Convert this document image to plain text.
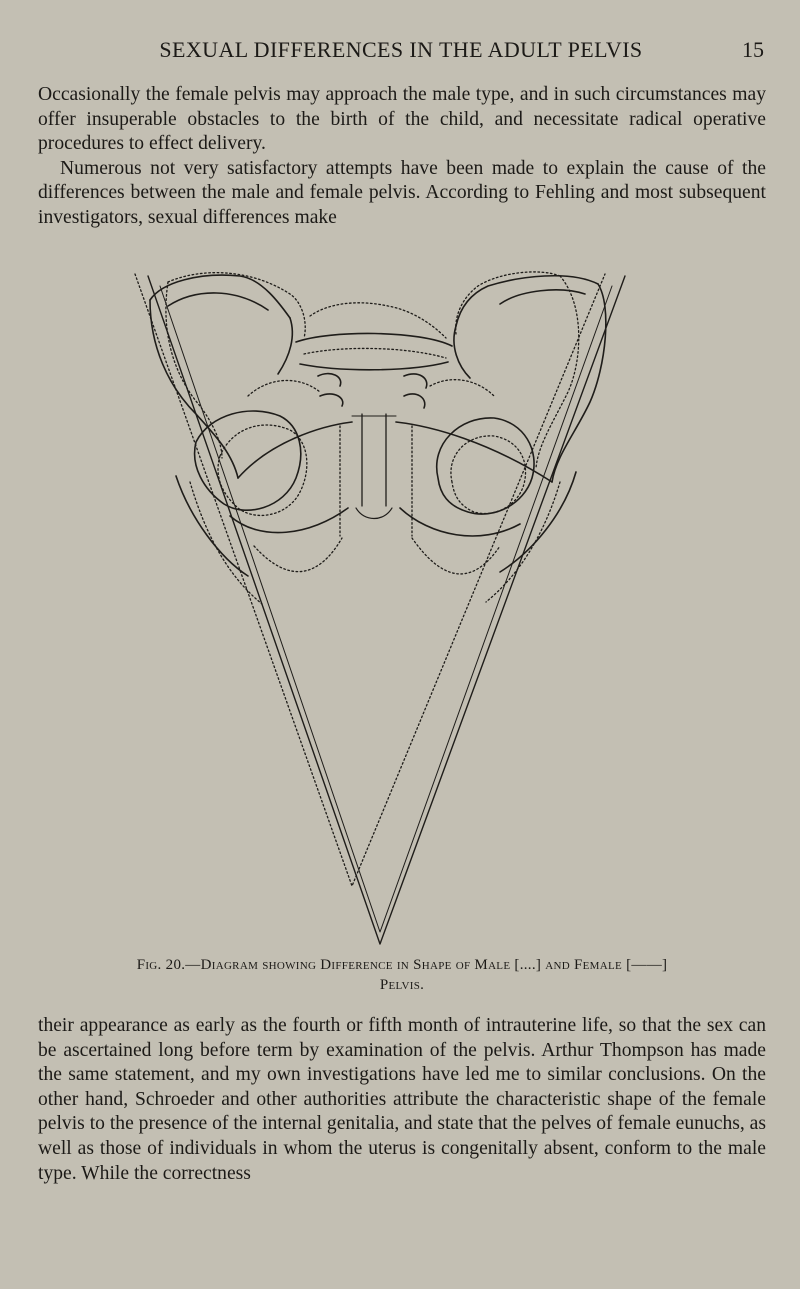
SEXUAL DIFFERENCES IN THE ADULT PELVIS	15

Occasionally the female pelvis may approach the male type, and in such circumstances may offer insuperable obstacles to the birth of the child, and necessitate radical operative procedures to effect delivery.

Numerous not very satisfactory attempts have been made to explain the cause of the differences between the male and female pelvis. According to Fehling and most subsequent investigators, sexual differences make

Fig. 20.—Diagram showing Difference in Shape of Male [....] and Female [——]
Pelvis.

their appearance as early as the fourth or fifth month of intrauterine life, so that the sex can be ascertained long before term by examination of the pelvis. Arthur Thompson has made the same statement, and my own investigations have led me to similar conclusions. On the other hand, Schroeder and other authorities attribute the characteristic shape of the female pelvis to the presence of the internal genitalia, and state that the pelves of female eunuchs, as well as those of individuals in whom the uterus is congenitally absent, conform to the male type. While the correctness
